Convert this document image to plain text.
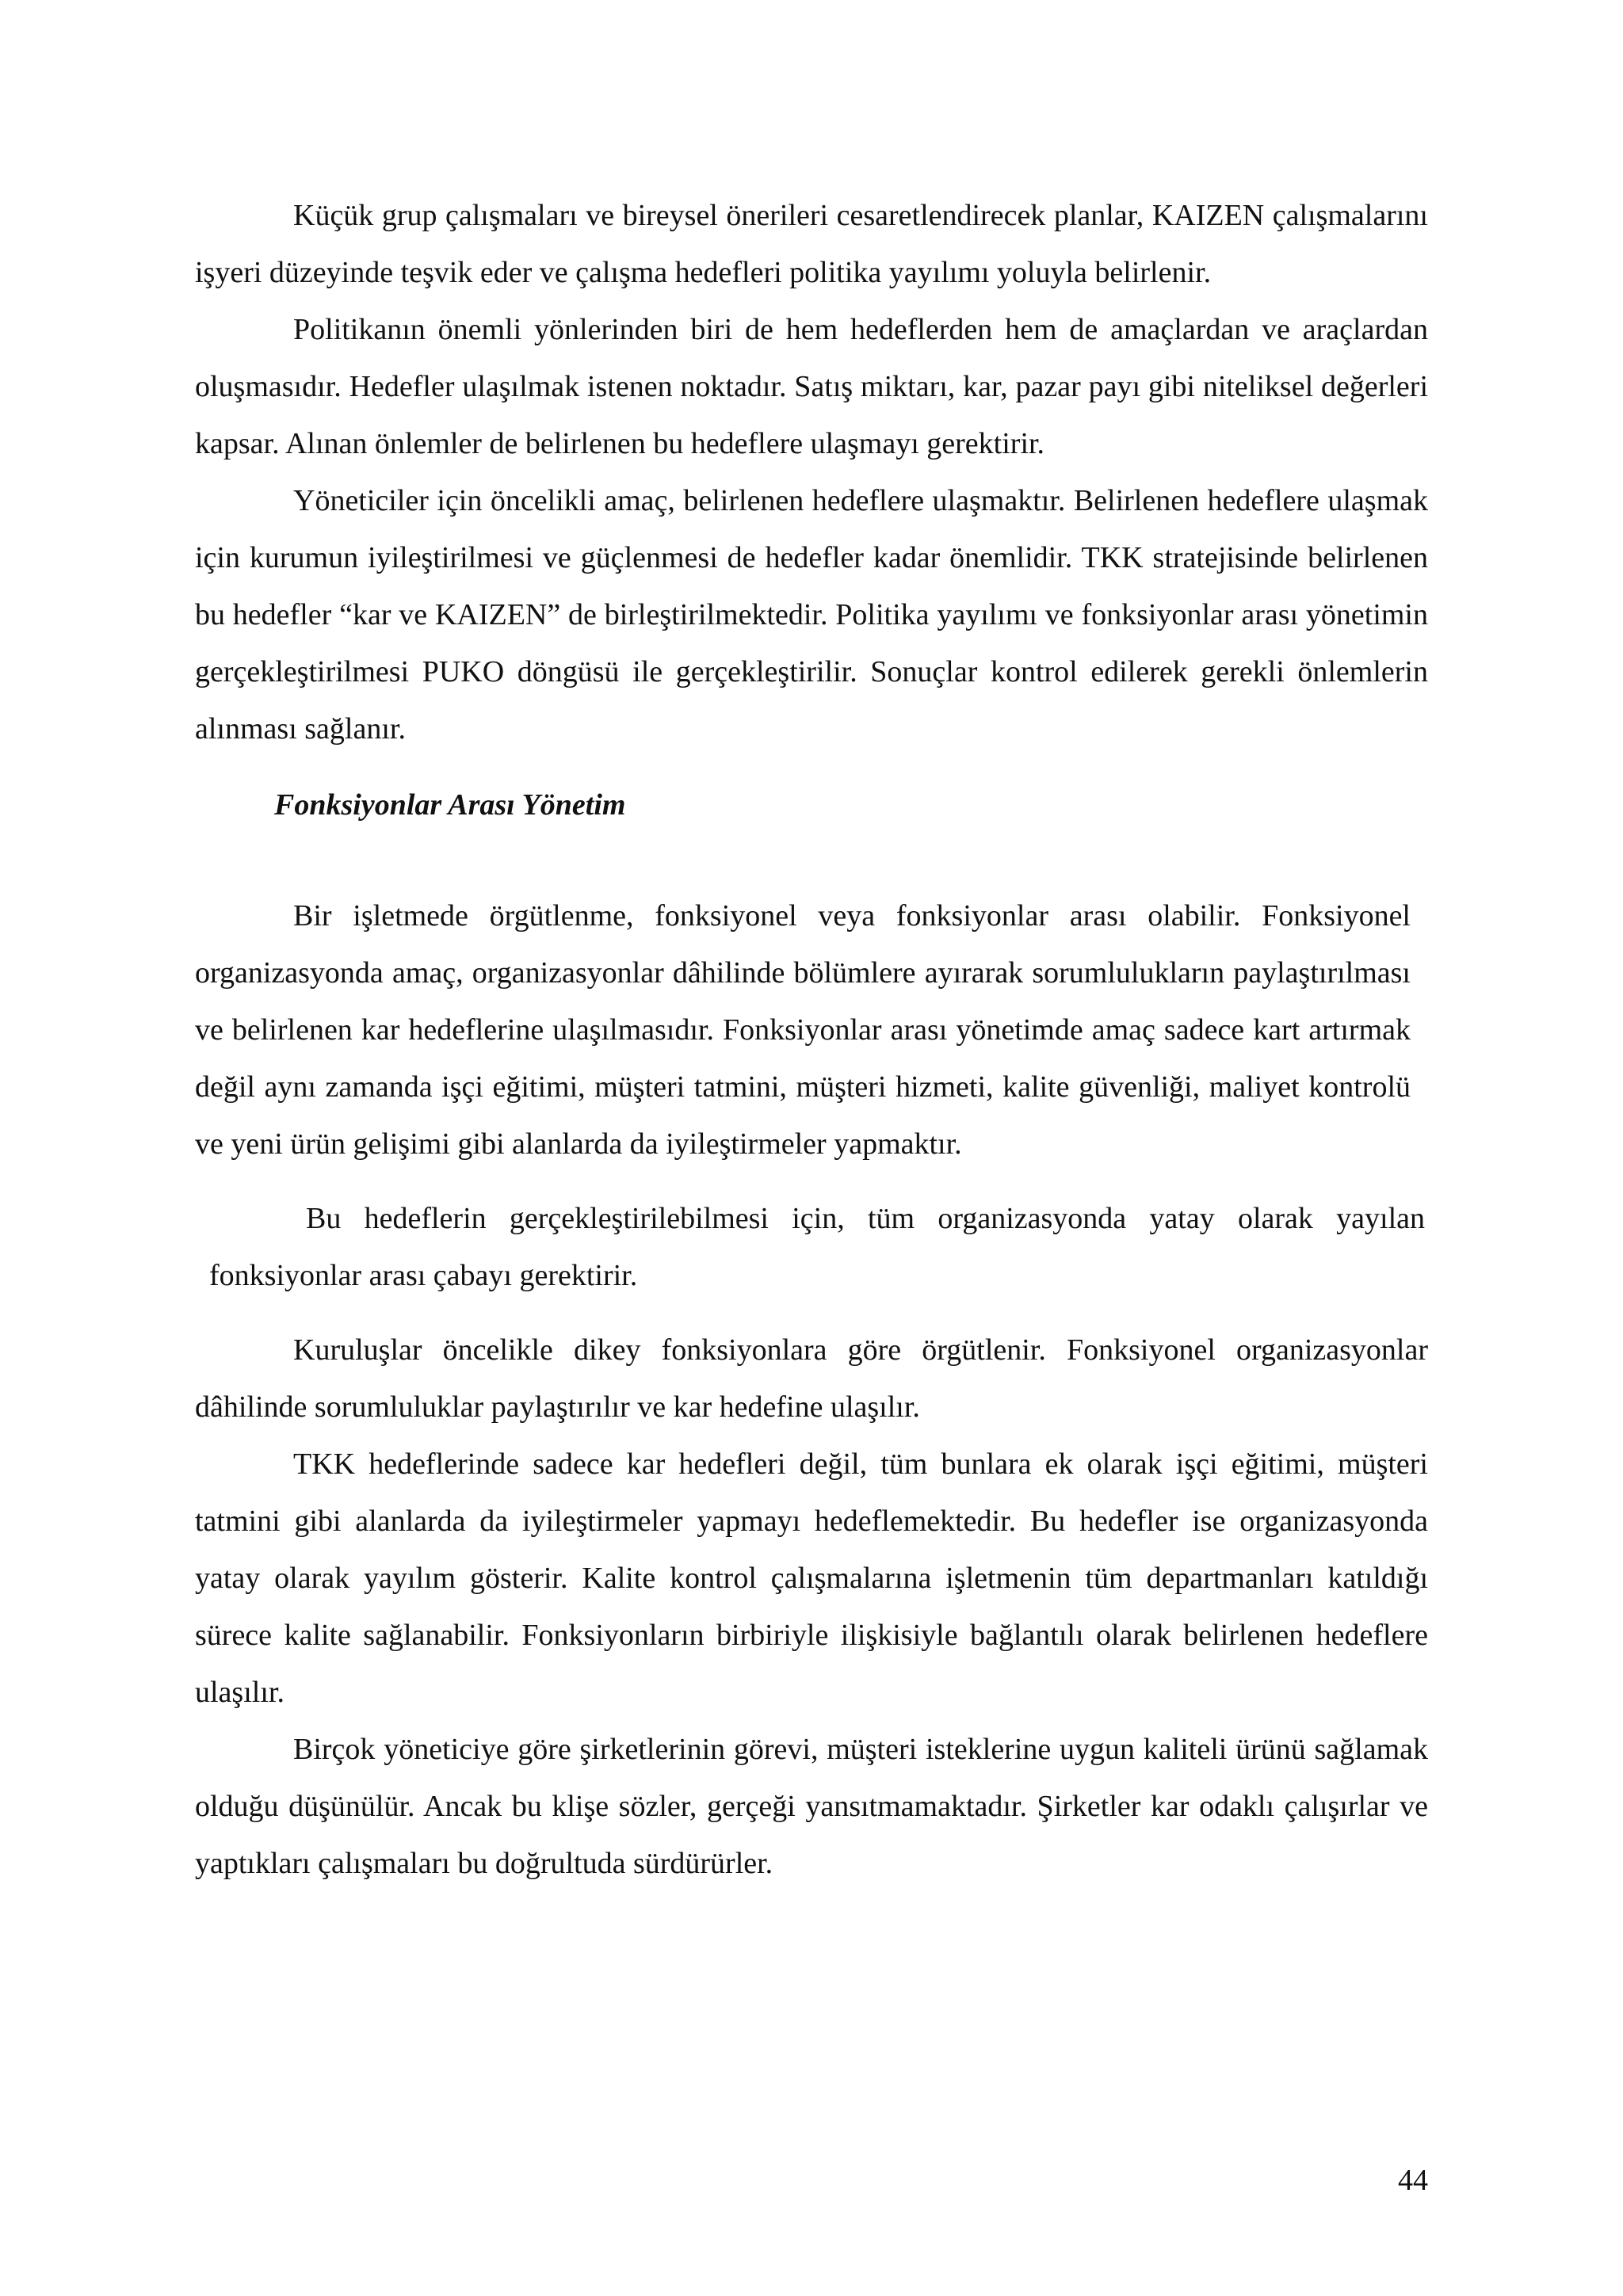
Küçük grup çalışmaları ve bireysel önerileri cesaretlendirecek planlar, KAIZEN çalışmalarını işyeri düzeyinde teşvik eder ve çalışma hedefleri politika yayılımı yoluyla belirlenir.

Politikanın önemli yönlerinden biri de hem hedeflerden hem de amaçlardan ve araçlardan oluşmasıdır. Hedefler ulaşılmak istenen noktadır. Satış miktarı, kar, pazar payı gibi niteliksel değerleri kapsar. Alınan önlemler de belirlenen bu hedeflere ulaşmayı gerektirir.

Yöneticiler için öncelikli amaç, belirlenen hedeflere ulaşmaktır. Belirlenen hedeflere ulaşmak için kurumun iyileştirilmesi ve güçlenmesi de hedefler kadar önemlidir. TKK stratejisinde belirlenen bu hedefler “kar ve KAIZEN” de birleştirilmektedir. Politika yayılımı ve fonksiyonlar arası yönetimin gerçekleştirilmesi PUKO döngüsü ile gerçekleştirilir. Sonuçlar kontrol edilerek gerekli önlemlerin alınması sağlanır.

Fonksiyonlar Arası Yönetim

Bir işletmede örgütlenme, fonksiyonel veya fonksiyonlar arası olabilir. Fonksiyonel organizasyonda amaç, organizasyonlar dâhilinde bölümlere ayırarak sorumlulukların paylaştırılması ve belirlenen kar hedeflerine ulaşılmasıdır. Fonksiyonlar arası yönetimde amaç sadece kart artırmak değil aynı zamanda işçi eğitimi, müşteri tatmini, müşteri hizmeti, kalite güvenliği, maliyet kontrolü ve yeni ürün gelişimi gibi alanlarda da iyileştirmeler yapmaktır.

Bu hedeflerin gerçekleştirilebilmesi için, tüm organizasyonda yatay olarak yayılan fonksiyonlar arası çabayı gerektirir.

Kuruluşlar öncelikle dikey fonksiyonlara göre örgütlenir. Fonksiyonel organizasyonlar dâhilinde sorumluluklar paylaştırılır ve kar hedefine ulaşılır.

TKK hedeflerinde sadece kar hedefleri değil, tüm bunlara ek olarak işçi eğitimi, müşteri tatmini gibi alanlarda da iyileştirmeler yapmayı hedeflemektedir. Bu hedefler ise organizasyonda yatay olarak yayılım gösterir. Kalite kontrol çalışmalarına işletmenin tüm departmanları katıldığı sürece kalite sağlanabilir. Fonksiyonların birbiriyle ilişkisiyle bağlantılı olarak belirlenen hedeflere ulaşılır.

Birçok yöneticiye göre şirketlerinin görevi, müşteri isteklerine uygun kaliteli ürünü sağlamak olduğu düşünülür. Ancak bu klişe sözler, gerçeği yansıtmamaktadır. Şirketler kar odaklı çalışırlar ve yaptıkları çalışmaları bu doğrultuda sürdürürler.

44
